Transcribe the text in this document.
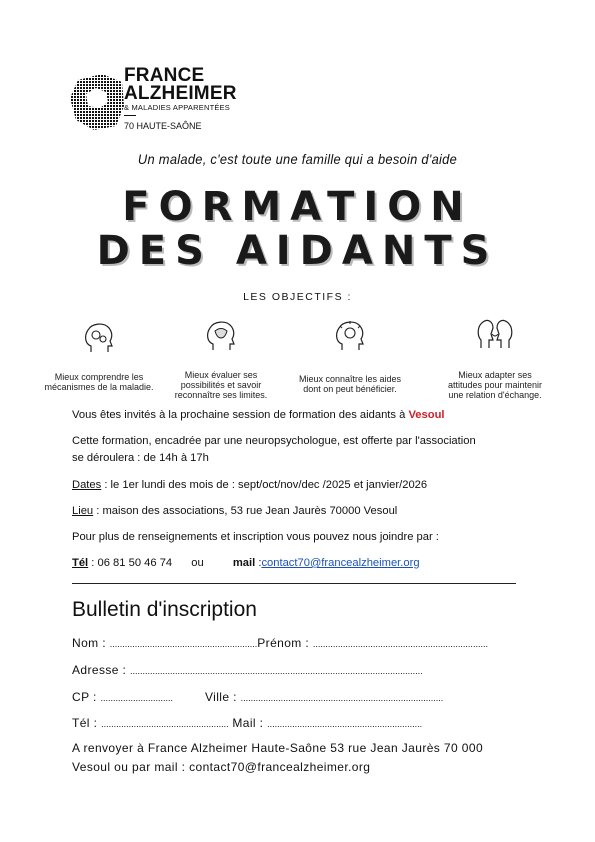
FRANCE
ALZHEIMER
& MALADIES APPARENTÉES
70 HAUTE-SAÔNE
Un malade, c'est toute une famille qui a besoin d'aide
FORMATION
DES AIDANTS
LES OBJECTIFS :
Mieux comprendre les
mécanismes de la maladie.
Mieux évaluer ses
possibilités et savoir
reconnaître ses limites.
Mieux connaître les aides
dont on peut bénéficier.
Mieux adapter ses
attitudes pour maintenir
une relation d'échange.
Vous êtes invités à la prochaine session de formation des aidants à Vesoul
Cette formation, encadrée par une neuropsychologue, est offerte par l'association
se déroulera : de 14h à 17h
Dates : le 1er lundi des mois de : sept/oct/nov/dec /2025 et janvier/2026
Lieu : maison des associations, 53 rue Jean Jaurès 70000 Vesoul
Pour plus de renseignements et inscription vous pouvez nous joindre par :
Tél : 06 81 50 46 74 ou	mail :contact70@francealzheimer.org
Bulletin d'inscription
Nom : ...........................................................Prénom : ......................................................................
Adresse : .....................................................................................................................
CP : .............................	Ville : .................................................................................
Tél : ................................................... Mail : ..............................................................
A renvoyer à France Alzheimer Haute-Saône 53 rue Jean Jaurès 70 000
Vesoul ou par mail : contact70@francealzheimer.org
